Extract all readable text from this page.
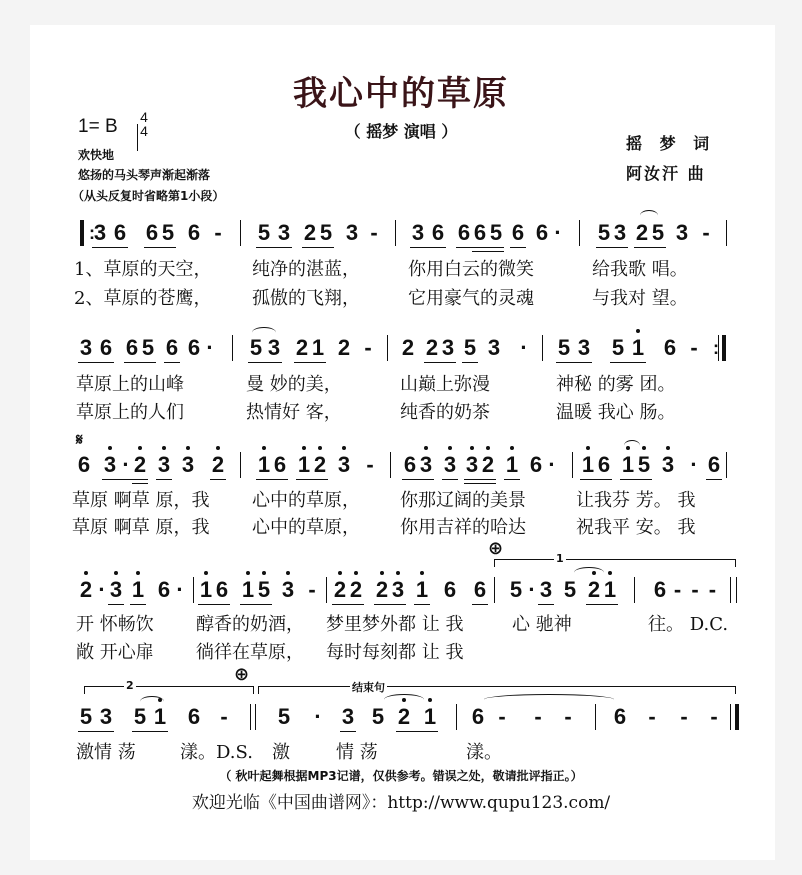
我心中的草原
1= B 4
4	（ 摇梦 演唱 ）
欢快地
悠扬的马头琴声渐起渐落
（从头反复时省略第1小段）
摇 梦 词
阿汝汗 曲
:
3 6 6 5 6 - 5 3 2 5 3 - 3 6 6 6 5 6 6 · 5 3 2 5 3 -
1、草原的天空， 纯净的湛蓝，	你用白云的微笑	给我歌 唱。
2、草原的苍鹰， 孤傲的飞翔，	它用豪气的灵魂	与我对 望。
3 6 6 5 6 6 · 5 3 2 1 2 - 2 2 3 5 3 · 5 3 5 1 6 - :
草原上的山峰	曼 妙的美，	山巅上弥漫	神秘 的雾 团。
草原上的人们	热情好 客，	纯香的奶茶	温暖 我心 肠。
𝄋
6 3 · 2 3 3 2 1 6 1 2 3 - 6 3 3 3 2 1 6 · 1 6 1 5 3 · 6
草原 啊草 原，我 心中的草原， 你那辽阔的美景	让我芬 芳。 我
草原 啊草 原，我 心中的草原， 你用吉祥的哈达	祝我平 安。 我
⊕	1
2 · 3 1 6 · 1 6 1 5 3 - 2 2 2 3 1 6 6 5 · 3 5 2 1 6 - - -
开 怀畅饮 醇香的奶酒， 梦里梦外都 让 我	心 驰神	往。 D.C.
敞 开心扉 徜徉在草原， 每时每刻都 让 我
⊕
2	结束句
5 3 5 1 6 - 5 · 3 5 2 1 6 - - - 6 - - -
激情 荡 漾。D.S. 激	情 荡	漾。
（ 秋叶起舞根据MP3记谱，仅供参考。错误之处，敬请批评指正。）
欢迎光临《中国曲谱网》：http://www.qupu123.com/
